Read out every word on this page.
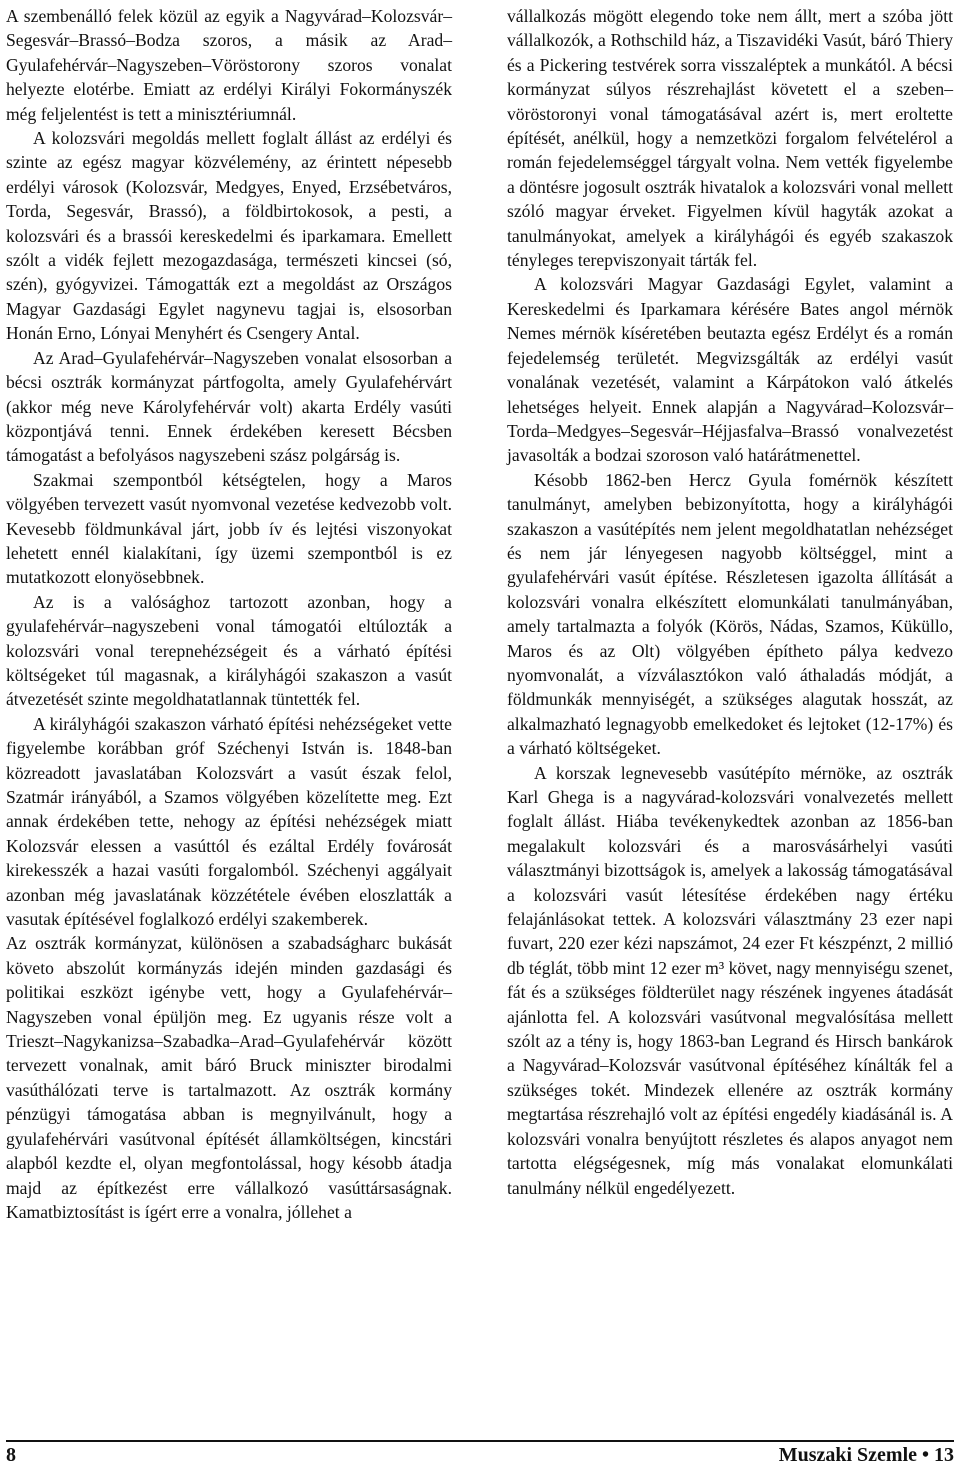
A szembenálló felek közül az egyik a Nagyvárad–Kolozsvár–Segesvár–Brassó–Bodza szoros, a másik az Arad–Gyulafehérvár–Nagyszeben–Vöröstorony szoros vonalat helyezte elotérbe. Emiatt az erdélyi Királyi Fokormányszék még feljelentést is tett a minisztériumnál.

A kolozsvári megoldás mellett foglalt állást az erdélyi és szinte az egész magyar közvélemény, az érintett népesebb erdélyi városok (Kolozsvár, Medgyes, Enyed, Erzsébetváros, Torda, Segesvár, Brassó), a földbirtokosok, a pesti, a kolozsvári és a brassói kereskedelmi és iparkamara. Emellett szólt a vidék fejlett mezogazdasága, természeti kincsei (só, szén), gyógyvizei. Támogatták ezt a megoldást az Országos Magyar Gazdasági Egylet nagynevu tagjai is, elsosorban Honán Erno, Lónyai Menyhért és Csengery Antal.

Az Arad–Gyulafehérvár–Nagyszeben vonalat elsosorban a bécsi osztrák kormányzat pártfogolta, amely Gyulafehérvárt (akkor még neve Károlyfehérvár volt) akarta Erdély vasúti központjává tenni. Ennek érdekében keresett Bécsben támogatást a befolyásos nagyszebeni szász polgárság is.

Szakmai szempontból kétségtelen, hogy a Maros völgyében tervezett vasút nyomvonal vezetése kedvezobb volt. Kevesebb földmunkával járt, jobb ív és lejtési viszonyokat lehetett ennél kialakítani, így üzemi szempontból is ez mutatkozott elonyösebbnek.

Az is a valósághoz tartozott azonban, hogy a gyulafehérvár–nagyszebeni vonal támogatói eltúlozták a kolozsvári vonal terepnehézségeit és a várható építési költségeket túl magasnak, a királyhágói szakaszon a vasút átvezetését szinte megoldhatatlannak tüntették fel.

A királyhágói szakaszon várható építési nehézségeket vette figyelembe korábban gróf Széchenyi István is. 1848-ban közreadott javaslatában Kolozsvárt a vasút észak felol, Szatmár irányából, a Szamos völgyében közelítette meg. Ezt annak érdekében tette, nehogy az építési nehézségek miatt Kolozsvár elessen a vasúttól és ezáltal Erdély fovárosát kirekesszék a hazai vasúti forgalomból. Széchenyi aggályait azonban még javaslatának közzététele évében eloszlatták a vasutak építésével foglalkozó erdélyi szakemberek.

Az osztrák kormányzat, különösen a szabadságharc bukását követo abszolút kormányzás idején minden gazdasági és politikai eszközt igénybe vett, hogy a Gyulafehérvár–Nagyszeben vonal épüljön meg. Ez ugyanis része volt a Trieszt–Nagykanizsa–Szabadka–Arad–Gyulafehérvár között tervezett vonalnak, amit báró Bruck miniszter birodalmi vasúthálózati terve is tartalmazott. Az osztrák kormány pénzügyi támogatása abban is megnyilvánult, hogy a gyulafehérvári vasútvonal építését államköltségen, kincstári alapból kezdte el, olyan megfontolással, hogy késobb átadja majd az építkezést erre vállalkozó vasúttársaságnak. Kamatbiztosítást is ígért erre a vonalra, jóllehet a

vállalkozás mögött elegendo toke nem állt, mert a szóba jött vállalkozók, a Rothschild ház, a Tiszavidéki Vasút, báró Thiery és a Pickering testvérek sorra visszaléptek a munkától. A bécsi kormányzat súlyos részrehajlást követett el a szeben–vöröstoronyi vonal támogatásával azért is, mert eroltette építését, anélkül, hogy a nemzetközi forgalom felvételérol a román fejedelemséggel tárgyalt volna. Nem vették figyelembe a döntésre jogosult osztrák hivatalok a kolozsvári vonal mellett szóló magyar érveket. Figyelmen kívül hagyták azokat a tanulmányokat, amelyek a királyhágói és egyéb szakaszok tényleges terepviszonyait tárták fel.

A kolozsvári Magyar Gazdasági Egylet, valamint a Kereskedelmi és Iparkamara kérésére Bates angol mérnök Nemes mérnök kíséretében beutazta egész Erdélyt és a román fejedelemség területét. Megvizsgálták az erdélyi vasút vonalának vezetését, valamint a Kárpátokon való átkelés lehetséges helyeit. Ennek alapján a Nagyvárad–Kolozsvár–Torda–Medgyes–Segesvár–Héjjasfalva–Brassó vonalvezetést javasolták a bodzai szoroson való határátmenettel.

Késobb 1862-ben Hercz Gyula fomérnök készített tanulmányt, amelyben bebizonyította, hogy a királyhágói szakaszon a vasútépítés nem jelent megoldhatatlan nehézséget és nem jár lényegesen nagyobb költséggel, mint a gyulafehérvári vasút építése. Részletesen igazolta állítását a kolozsvári vonalra elkészített elomunkálati tanulmányában, amely tartalmazta a folyók (Körös, Nádas, Szamos, Küküllo, Maros és az Olt) völgyében építheto pálya kedvezo nyomvonalát, a vízválasztókon való áthaladás módját, a földmunkák mennyiségét, a szükséges alagutak hosszát, az alkalmazható legnagyobb emelkedoket és lejtoket (12-17%) és a várható költségeket.

A korszak legnevesebb vasútépíto mérnöke, az osztrák Karl Ghega is a nagyvárad-kolozsvári vonalvezetés mellett foglalt állást. Hiába tevékenykedtek azonban az 1856-ban megalakult kolozsvári és a marosvásárhelyi vasúti választmányi bizottságok is, amelyek a lakosság támogatásával a kolozsvári vasút létesítése érdekében nagy értéku felajánlásokat tettek. A kolozsvári választmány 23 ezer napi fuvart, 220 ezer kézi napszámot, 24 ezer Ft készpénzt, 2 millió db téglát, több mint 12 ezer m³ követ, nagy mennyiségu szenet, fát és a szükséges földterület nagy részének ingyenes átadását ajánlotta fel. A kolozsvári vasútvonal megvalósítása mellett szólt az a tény is, hogy 1863-ban Legrand és Hirsch bankárok a Nagyvárad–Kolozsvár vasútvonal építéséhez kínálták fel a szükséges tokét. Mindezek ellenére az osztrák kormány megtartása részrehajló volt az építési engedély kiadásánál is. A kolozsvári vonalra benyújtott részletes és alapos anyagot nem tartotta elégségesnek, míg más vonalakat elomunkálati tanulmány nélkül engedélyezett.

8	Muszaki Szemle • 13
